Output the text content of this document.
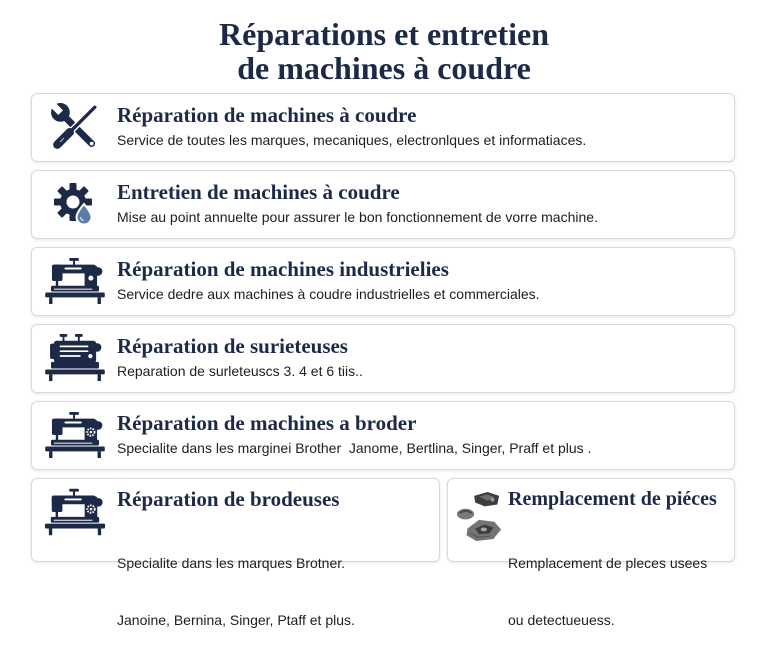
Réparations et entretien
de machines à coudre
Réparation de machines à coudre
Service de toutes les marques, mecaniques, electronlques et informatiaces.
Entretien de machines à coudre
Mise au point annuelte pour assurer le bon fonctionnement de vorre machine.
Réparation de machines industrielies
Service dedre aux machines à coudre industrielles et commerciales.
Réparation de surieteuses
Reparation de surleteuscs 3. 4 et 6 tiis..
Réparation de machines a broder
Specialite dans les marginei Brother  Janome, Bertlina, Singer, Praff et plus .
Réparation de brodeuses

Specialite dans les marques Brotner.

Janoine, Bernina, Singer, Ptaff et plus.

Remplacement de piéces

Remplacement de pleces usees

ou detectueuess.
